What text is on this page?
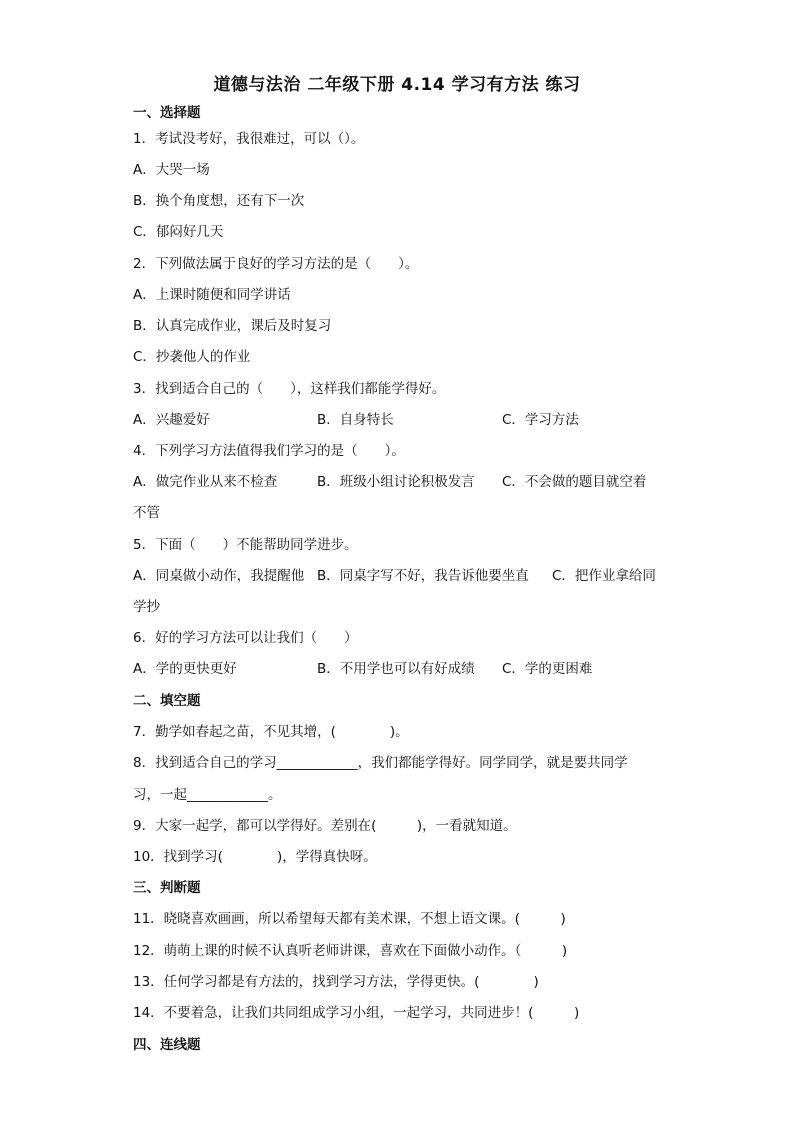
道德与法治 二年级下册 4.14 学习有方法 练习
一、选择题
1．考试没考好，我很难过，可以（）。
A．大哭一场
B．换个角度想，还有下一次
C．郁闷好几天
2．下列做法属于良好的学习方法的是（　　）。
A．上课时随便和同学讲话
B．认真完成作业，课后及时复习
C．抄袭他人的作业
3．找到适合自己的（　　），这样我们都能学得好。
A．兴趣爱好	B．自身特长	C．学习方法
4．下列学习方法值得我们学习的是（　　）。
A．做完作业从来不检查	B．班级小组讨论积极发言 C．不会做的题目就空着
不管
5．下面（　　）不能帮助同学进步。
A．同桌做小动作，我提醒他 B．同桌字写不好，我告诉他要坐直 C．把作业拿给同
学抄
6．好的学习方法可以让我们（　　）
A．学的更快更好	B．不用学也可以有好成绩 C．学的更困难
二、填空题
7．勤学如春起之苗，不见其增，(　　　　)。
8．找到适合自己的学习____________，我们都能学得好。同学同学，就是要共同学
习，一起____________。
9．大家一起学，都可以学得好。差别在(　　　)，一看就知道。
10．找到学习(　　　　)，学得真快呀。
三、判断题
11．晓晓喜欢画画，所以希望每天都有美术课，不想上语文课。(　　　)
12．萌萌上课的时候不认真听老师讲课，喜欢在下面做小动作。（　　　)
13．任何学习都是有方法的，找到学习方法，学得更快。(　　　　)
14．不要着急，让我们共同组成学习小组，一起学习，共同进步！(　　　)
四、连线题
